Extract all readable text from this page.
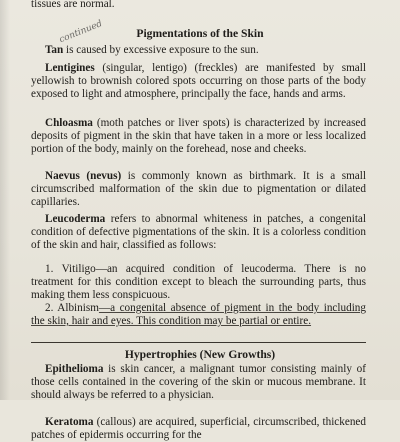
tissues are normal.

continued	Pigmentations of the Skin

Tan is caused by excessive exposure to the sun.

Lentigines (singular, lentigo) (freckles) are manifested by small yellowish to brownish colored spots occurring on those parts of the body exposed to light and atmosphere, principally the face, hands and arms.

Chloasma (moth patches or liver spots) is characterized by increased deposits of pigment in the skin that have taken in a more or less localized portion of the body, mainly on the forehead, nose and cheeks.

Naevus (nevus) is commonly known as birthmark. It is a small circumscribed malformation of the skin due to pigmentation or dilated capillaries.

Leucoderma refers to abnormal whiteness in patches, a congenital condition of defective pigmentations of the skin. It is a colorless condition of the skin and hair, classified as follows:

1. Vitiligo—an acquired condition of leucoderma. There is no treatment for this condition except to bleach the surrounding parts, thus making them less conspicuous.

2. Albinism—a congenital absence of pigment in the body including the skin, hair and eyes. This condition may be partial or entire.

Hypertrophies (New Growths)

Epithelioma is skin cancer, a malignant tumor consisting mainly of those cells contained in the covering of the skin or mucous membrane. It should always be referred to a physician.

Keratoma (callous) are acquired, superficial, circumscribed, thickened patches of epidermis occurring for the
